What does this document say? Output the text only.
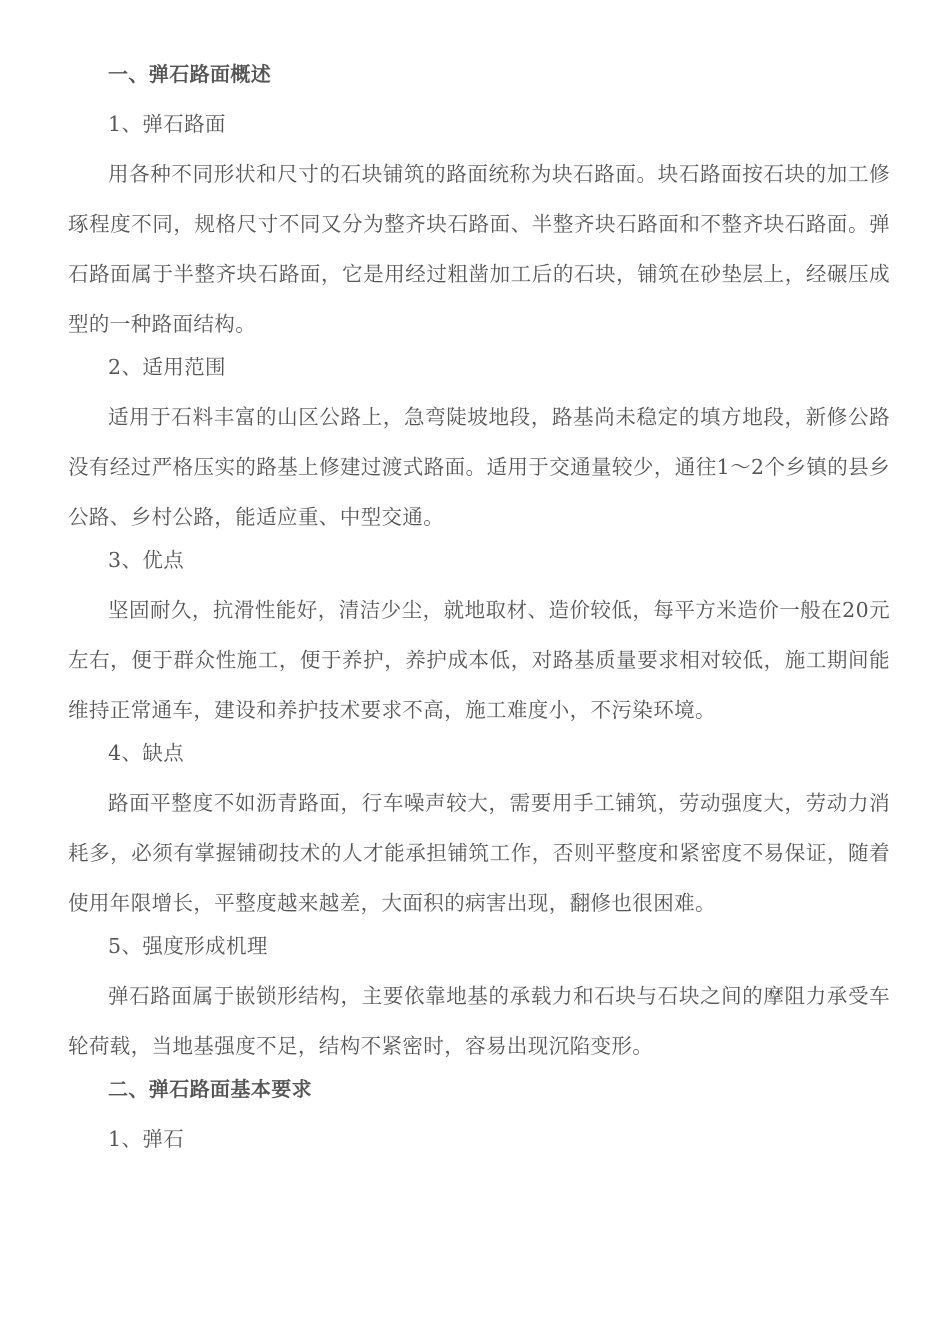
一、弹石路面概述
1、弹石路面

用各种不同形状和尺寸的石块铺筑的路面统称为块石路面。块石路面按石块的加工修琢程度不同，规格尺寸不同又分为整齐块石路面、半整齐块石路面和不整齐块石路面。弹石路面属于半整齐块石路面，它是用经过粗凿加工后的石块，铺筑在砂垫层上，经碾压成型的一种路面结构。

2、适用范围

适用于石料丰富的山区公路上，急弯陡坡地段，路基尚未稳定的填方地段，新修公路没有经过严格压实的路基上修建过渡式路面。适用于交通量较少，通往1～2个乡镇的县乡公路、乡村公路，能适应重、中型交通。

3、优点

坚固耐久，抗滑性能好，清洁少尘，就地取材、造价较低，每平方米造价一般在20元左右，便于群众性施工，便于养护，养护成本低，对路基质量要求相对较低，施工期间能维持正常通车，建设和养护技术要求不高，施工难度小，不污染环境。

4、缺点

路面平整度不如沥青路面，行车噪声较大，需要用手工铺筑，劳动强度大，劳动力消耗多，必须有掌握铺砌技术的人才能承担铺筑工作，否则平整度和紧密度不易保证，随着使用年限增长，平整度越来越差，大面积的病害出现，翻修也很困难。

5、强度形成机理

弹石路面属于嵌锁形结构，主要依靠地基的承载力和石块与石块之间的摩阻力承受车轮荷载，当地基强度不足，结构不紧密时，容易出现沉陷变形。

二、弹石路面基本要求
1、弹石
